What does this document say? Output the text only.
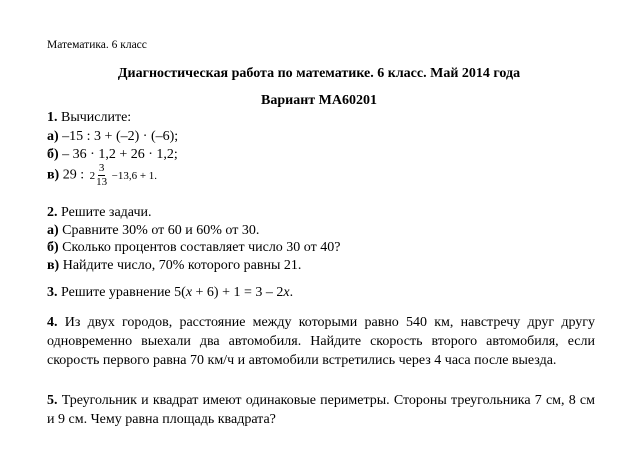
Математика. 6 класс
Диагностическая работа по математике. 6 класс. Май 2014 года
Вариант МА60201
1. Вычислите:
а) –15 : 3 + (–2) · (–6);
б) – 36 · 1,2 + 26 · 1,2;
в) 29 : $2 \frac{3}{13} -13,6 + 1$.
2. Решите задачи.
а) Сравните 30% от 60 и 60% от 30.
б) Сколько процентов составляет число 30 от 40?
в) Найдите число, 70% которого равны 21.
3. Решите уравнение 5(x + 6) + 1 = 3 – 2x.
4. Из двух городов, расстояние между которыми равно 540 км, навстречу друг другу одновременно выехали два автомобиля. Найдите скорость второго автомобиля, если скорость первого равна 70 км/ч и автомобили встретились через 4 часа после выезда.
5. Треугольник и квадрат имеют одинаковые периметры. Стороны треугольника 7 см, 8 см и 9 см. Чему равна площадь квадрата?
